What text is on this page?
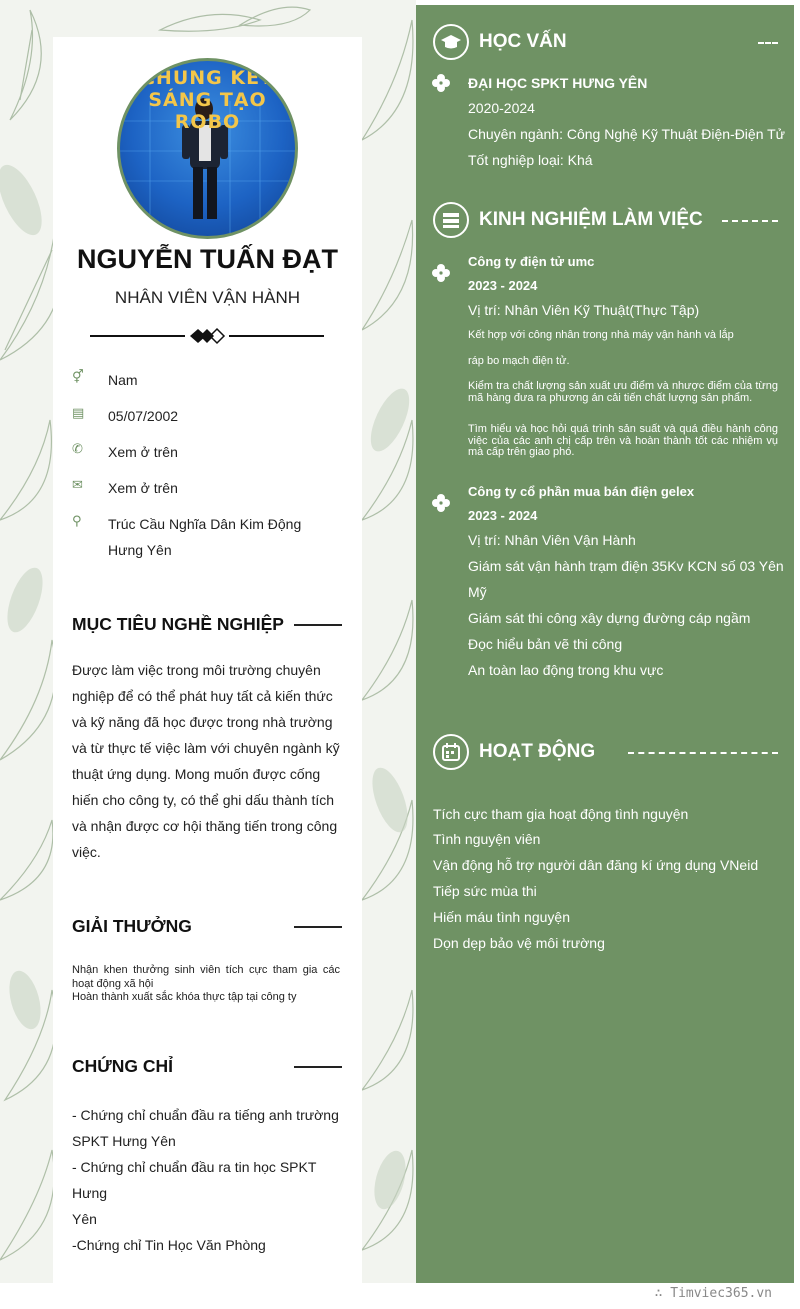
CHUNG KẾT SÁNG TẠO ROBO
NGUYỄN TUẤN ĐẠT
NHÂN VIÊN VẬN HÀNH
⚥	Nam
▤	05/07/2002
✆	Xem ở trên
✉	Xem ở trên
⚲	Trúc Cầu Nghĩa Dân Kim Động
Hưng Yên
MỤC TIÊU NGHỀ NGHIỆP
Được làm việc trong môi trường chuyên
nghiệp để có thể phát huy tất cả kiến thức
và kỹ năng đã học được trong nhà trường
và từ thực tế việc làm với chuyên ngành kỹ
thuật ứng dụng. Mong muốn được cống
hiến cho công ty, có thể ghi dấu thành tích
và nhận được cơ hội thăng tiến trong công
việc.
GIẢI THƯỞNG
Nhận khen thưởng sinh viên tích cực tham gia các hoạt động xã hội
Hoàn thành xuất sắc khóa thực tập tại công ty
CHỨNG CHỈ
- Chứng chỉ chuẩn đầu ra tiếng anh trường
SPKT Hưng Yên
- Chứng chỉ chuẩn đầu ra tin học SPKT
Hưng
Yên
-Chứng chỉ Tin Học Văn Phòng
HỌC VẤN
ĐẠI HỌC SPKT HƯNG YÊN
2020-2024
Chuyên ngành: Công Nghệ Kỹ Thuật Điện-Điện Tử
Tốt nghiệp loại: Khá
KINH NGHIỆM LÀM VIỆC
Công ty điện tử umc
2023 - 2024
Vị trí: Nhân Viên Kỹ Thuật(Thực Tập)
Kết hợp với công nhân trong nhà máy vận hành và lắp
ráp bo mạch điện tử.
Kiểm tra chất lượng sản xuất ưu điểm và nhược điểm của từng mã hàng đưa ra phương án cải tiến chất lượng sản phẩm.
Tìm hiểu và học hỏi quá trình sản suất và quá điều hành công việc của các anh chị cấp trên và hoàn thành tốt các nhiệm vụ mà cấp trên giao phó.
Công ty cổ phần mua bán điện gelex
2023 - 2024
Vị trí: Nhân Viên Vận Hành
Giám sát vận hành trạm điện 35Kv KCN số 03 Yên
Mỹ
Giám sát thi công xây dựng đường cáp ngầm
Đọc hiểu bản vẽ thi công
An toàn lao động trong khu vực
HOẠT ĐỘNG
Tích cực tham gia hoạt động tình nguyện
Tình nguyện viên
Vận động hỗ trợ người dân đăng kí ứng dụng VNeid
Tiếp sức mùa thi
Hiến máu tình nguyện
Dọn dẹp bảo vệ môi trường
∴ Timviec365.vn
